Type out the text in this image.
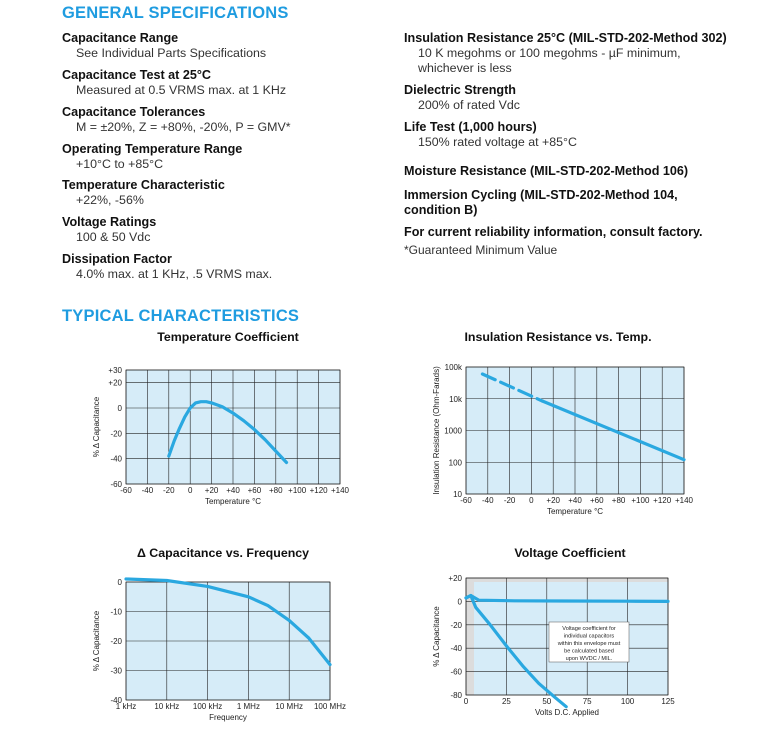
GENERAL SPECIFICATIONS
Capacitance Range
See Individual Parts Specifications
Capacitance Test at 25°C
Measured at 0.5 VRMS max. at 1 KHz
Capacitance Tolerances
M = ±20%, Z = +80%, -20%, P = GMV*
Operating Temperature Range
+10°C to +85°C
Temperature Characteristic
+22%, -56%
Voltage Ratings
100 & 50 Vdc
Dissipation Factor
4.0% max. at 1 KHz, .5 VRMS max.
Insulation Resistance 25°C (MIL-STD-202-Method 302)
10 K megohms or 100 megohms - µF minimum,
whichever is less
Dielectric Strength
200% of rated Vdc
Life Test (1,000 hours)
150% rated voltage at +85°C
Moisture Resistance (MIL-STD-202-Method 106)
Immersion Cycling (MIL-STD-202-Method 104,
condition B)
For current reliability information, consult factory.
*Guaranteed Minimum Value
TYPICAL CHARACTERISTICS
Temperature Coefficient	Insulation Resistance vs. Temp.
Δ Capacitance vs. Frequency	Voltage Coefficient
-60 -40 -20 0 +20 +40 +60 +80 +100 +120 +140
+30
+20
0
-20
-40
-60
Temperature °C
% Δ Capacitance
-60 -40 -20 0 +20 +40 +60 +80 +100 +120 +140
100k
10k
1000
100
10
Temperature °C
Insulation Resistance (Ohm-Farads)
1 kHz 10 kHz 100 kHz 1 MHz 10 MHz 100 MHz
0
-10
-20
-30
-40
Frequency
% Δ Capacitance
0	25	50	75	100	125
+20
0
-20
-40
-60
-80
Volts D.C. Applied
% Δ Capacitance	Voltage coefficient for
individual capacitors
within this envelope must
be calculated based
upon WVDC / MIL.
